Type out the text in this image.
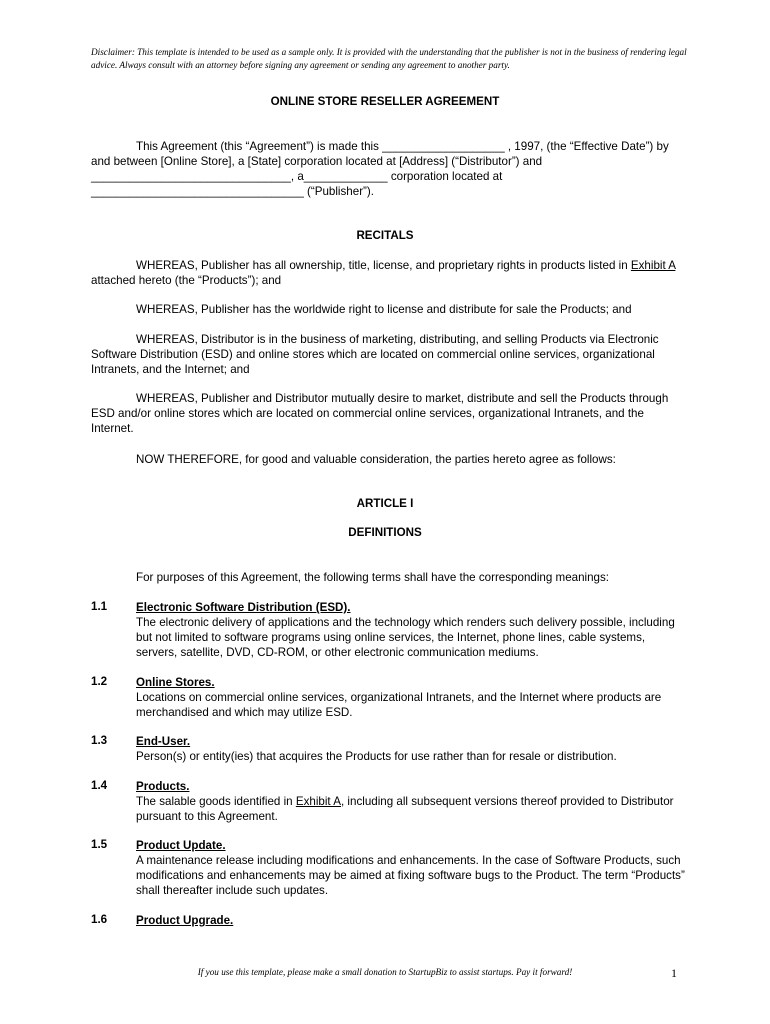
Disclaimer: This template is intended to be used as a sample only. It is provided with the understanding that the publisher is not in the business of rendering legal advice. Always consult with an attorney before signing any agreement or sending any agreement to another party.
ONLINE STORE RESELLER AGREEMENT
This Agreement (this “Agreement”) is made this ___________________ , 1997, (the “Effective Date”) by and between [Online Store], a [State] corporation located at [Address] (“Distributor”) and _______________________________, a_____________ corporation located at _________________________________ (“Publisher”).
RECITALS
WHEREAS, Publisher has all ownership, title, license, and proprietary rights in products listed in Exhibit A attached hereto (the “Products”); and
WHEREAS, Publisher has the worldwide right to license and distribute for sale the Products; and
WHEREAS, Distributor is in the business of marketing, distributing, and selling Products via Electronic Software Distribution (ESD) and online stores which are located on commercial online services, organizational Intranets, and the Internet; and
WHEREAS, Publisher and Distributor mutually desire to market, distribute and sell the Products through ESD and/or online stores which are located on commercial online services, organizational Intranets, and the Internet.
NOW THEREFORE, for good and valuable consideration, the parties hereto agree as follows:
ARTICLE I
DEFINITIONS
For purposes of this Agreement, the following terms shall have the corresponding meanings:
1.1 Electronic Software Distribution (ESD).
The electronic delivery of applications and the technology which renders such delivery possible, including but not limited to software programs using online services, the Internet, phone lines, cable systems, servers, satellite, DVD, CD-ROM, or other electronic communication mediums.
1.2 Online Stores.
Locations on commercial online services, organizational Intranets, and the Internet where products are merchandised and which may utilize ESD.
1.3 End-User.
Person(s) or entity(ies) that acquires the Products for use rather than for resale or distribution.
1.4 Products.
The salable goods identified in Exhibit A, including all subsequent versions thereof provided to Distributor pursuant to this Agreement.
1.5 Product Update.
A maintenance release including modifications and enhancements. In the case of Software Products, such modifications and enhancements may be aimed at fixing software bugs to the Product. The term “Products” shall thereafter include such updates.
1.6 Product Upgrade.
If you use this template, please make a small donation to StartupBiz to assist startups. Pay it forward!	1
